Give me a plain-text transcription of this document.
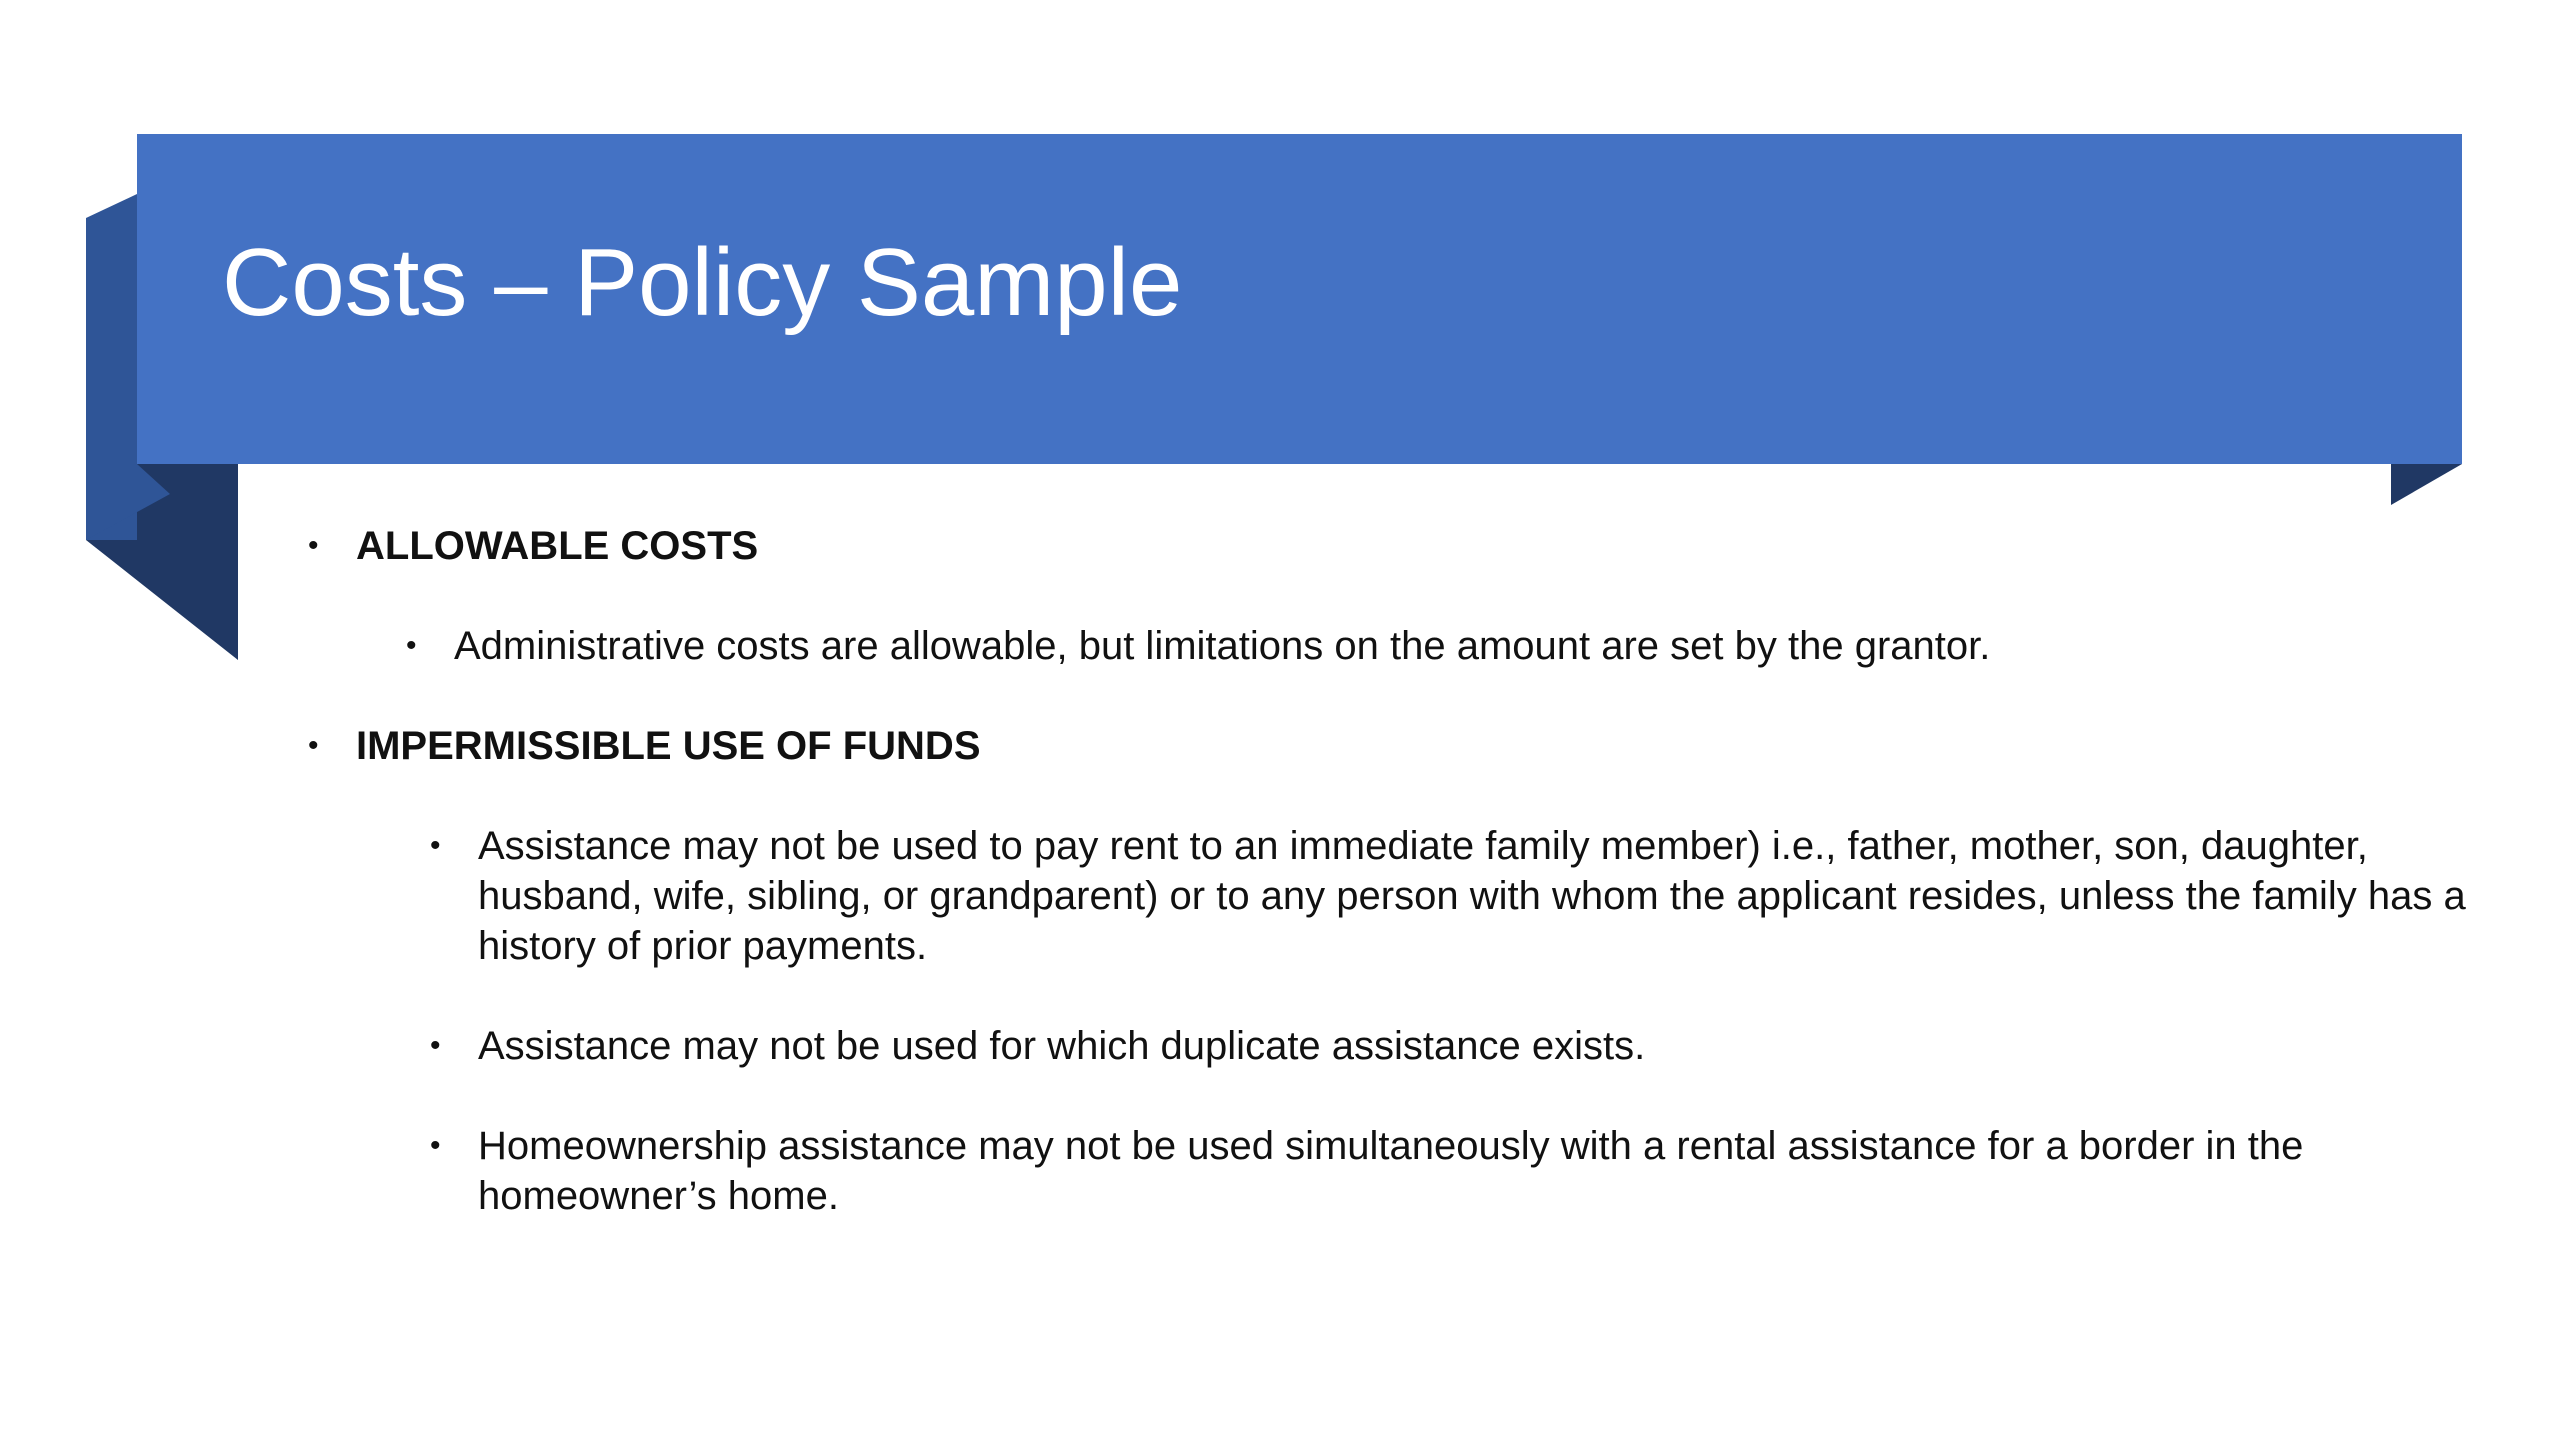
Costs – Policy Sample
• ALLOWABLE COSTS
• Administrative costs are allowable, but limitations on the amount are set by the grantor.
• IMPERMISSIBLE USE OF FUNDS
• Assistance may not be used to pay rent to an immediate family member) i.e., father, mother, son, daughter, husband, wife, sibling, or grandparent) or to any person with whom the applicant resides, unless the family has a history of prior payments.
• Assistance may not be used for which duplicate assistance exists.
• Homeownership assistance may not be used simultaneously with a rental assistance for a border in the homeowner’s home.
